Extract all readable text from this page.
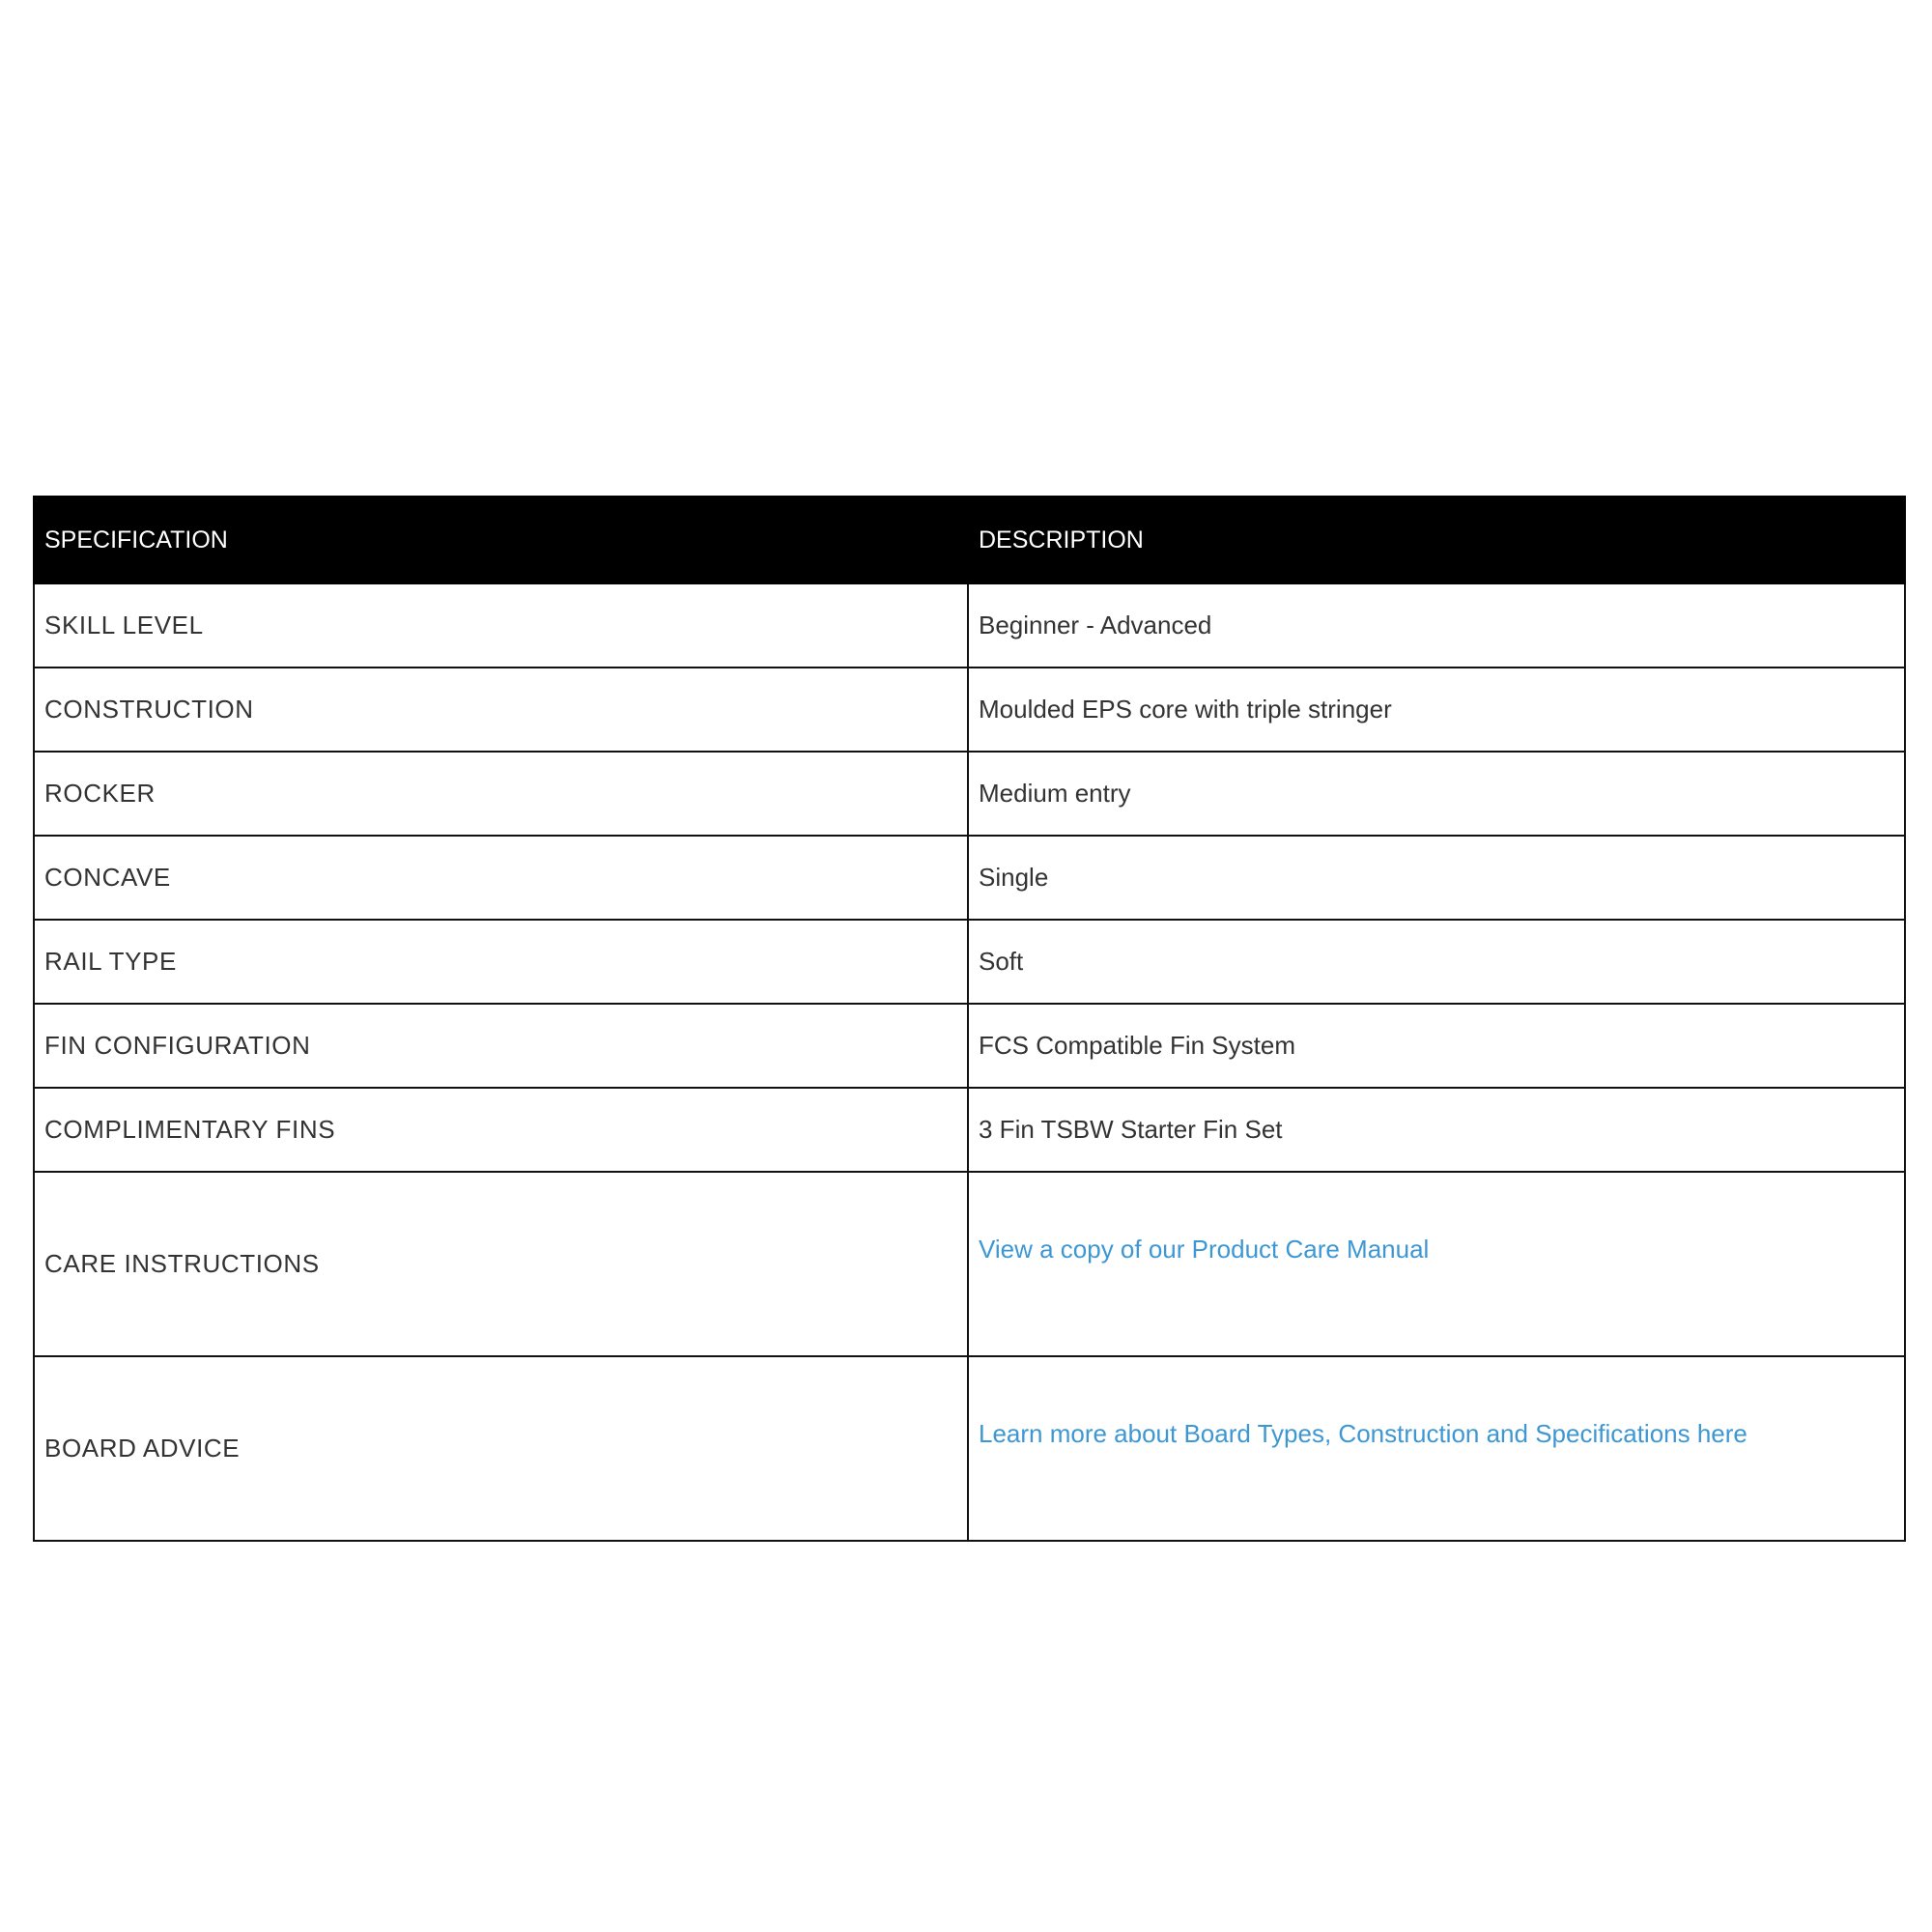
SPECIFICATION	DESCRIPTION
SKILL LEVEL	Beginner - Advanced
CONSTRUCTION	Moulded EPS core with triple stringer
ROCKER	Medium entry
CONCAVE	Single
RAIL TYPE	Soft
FIN CONFIGURATION	FCS Compatible Fin System
COMPLIMENTARY FINS	3 Fin TSBW Starter Fin Set
CARE INSTRUCTIONS	View a copy of our Product Care Manual
BOARD ADVICE	Learn more about Board Types, Construction and Specifications here
